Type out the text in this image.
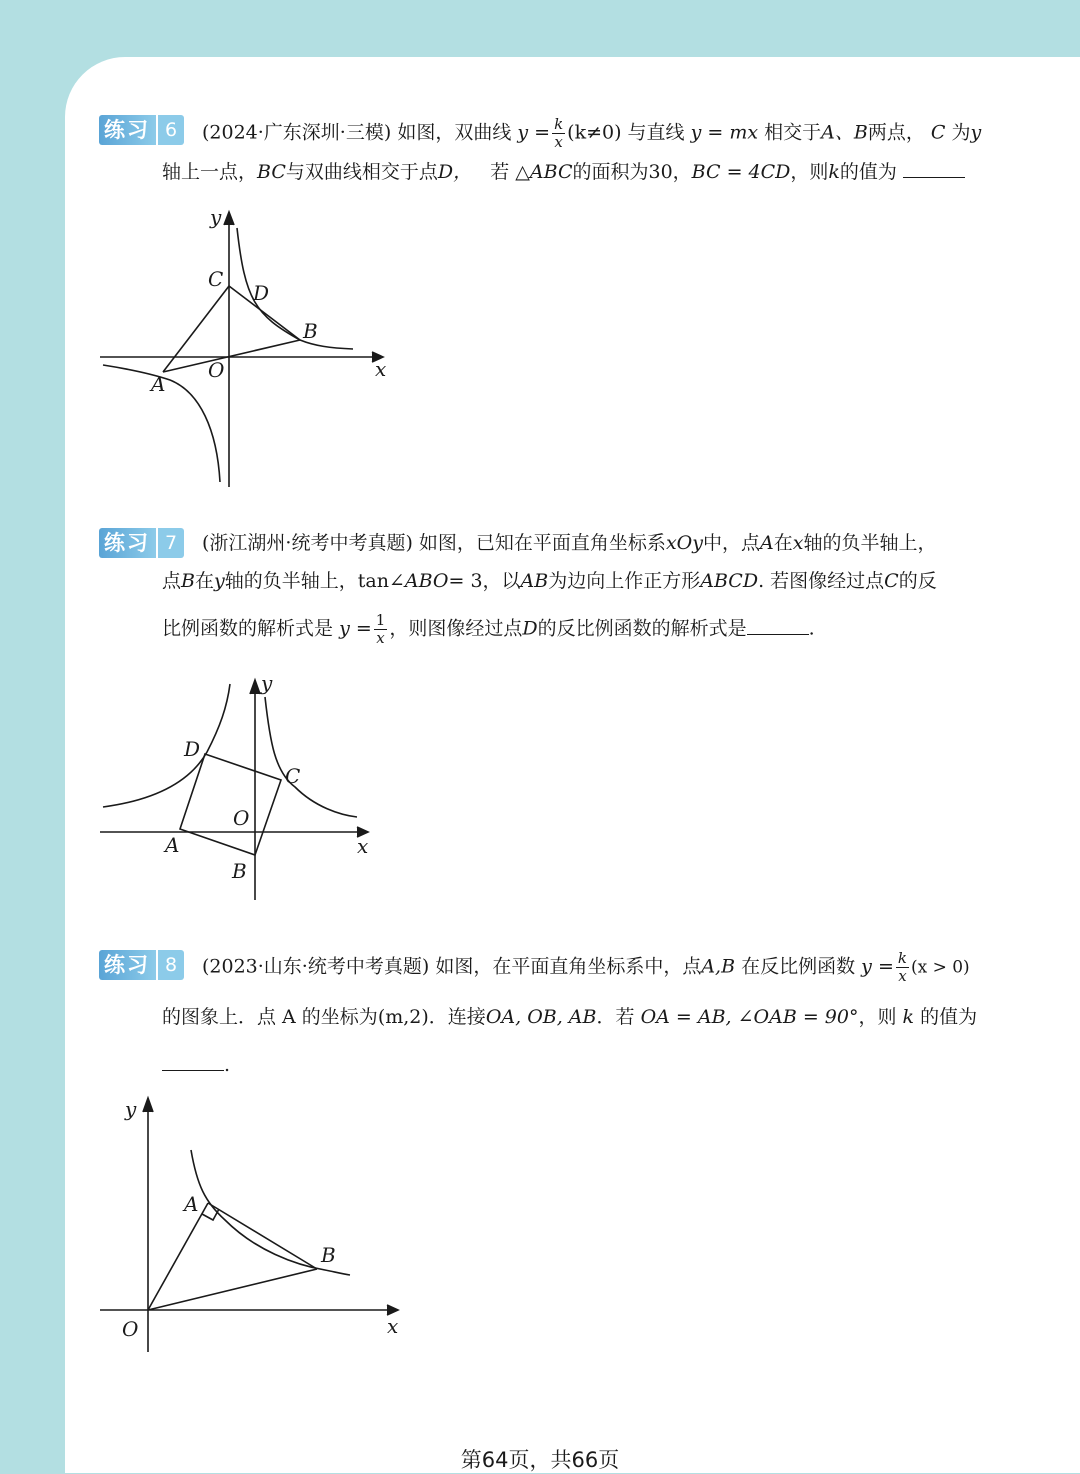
练习 6	(2024·广东深圳·三模) 如图，双曲线 $y = \frac{k}{x} (k\ne 0)$ 与直线 y = mx 相交于A、B两点， C 为y
轴上一点，BC与双曲线相交于点D， 若 △ABC的面积为30，BC = 4CD，则k的值为
y
x
C
D
B
A
O
练习 7	(浙江湖州·统考中考真题) 如图，已知在平面直角坐标系xOy中，点A在x轴的负半轴上，
点B在y轴的负半轴上，tan∠ABO= 3，以AB为边向上作正方形ABCD. 若图像经过点C的反
比例函数的解析式是 $y = \frac{1}{x}$ ，则图像经过点D的反比例函数的解析式是	.
y
x
D
C
O
A
B
练习 8	(2023·山东·统考中考真题) 如图，在平面直角坐标系中，点A,B 在反比例函数 $y = \frac{k}{x} (x > 0)$
的图象上．点 A 的坐标为(m,2)．连接OA, OB, AB．若 OA = AB, ∠OAB = 90°，则 k 的值为
.
y
x
A
B
O
第64页，共66页
